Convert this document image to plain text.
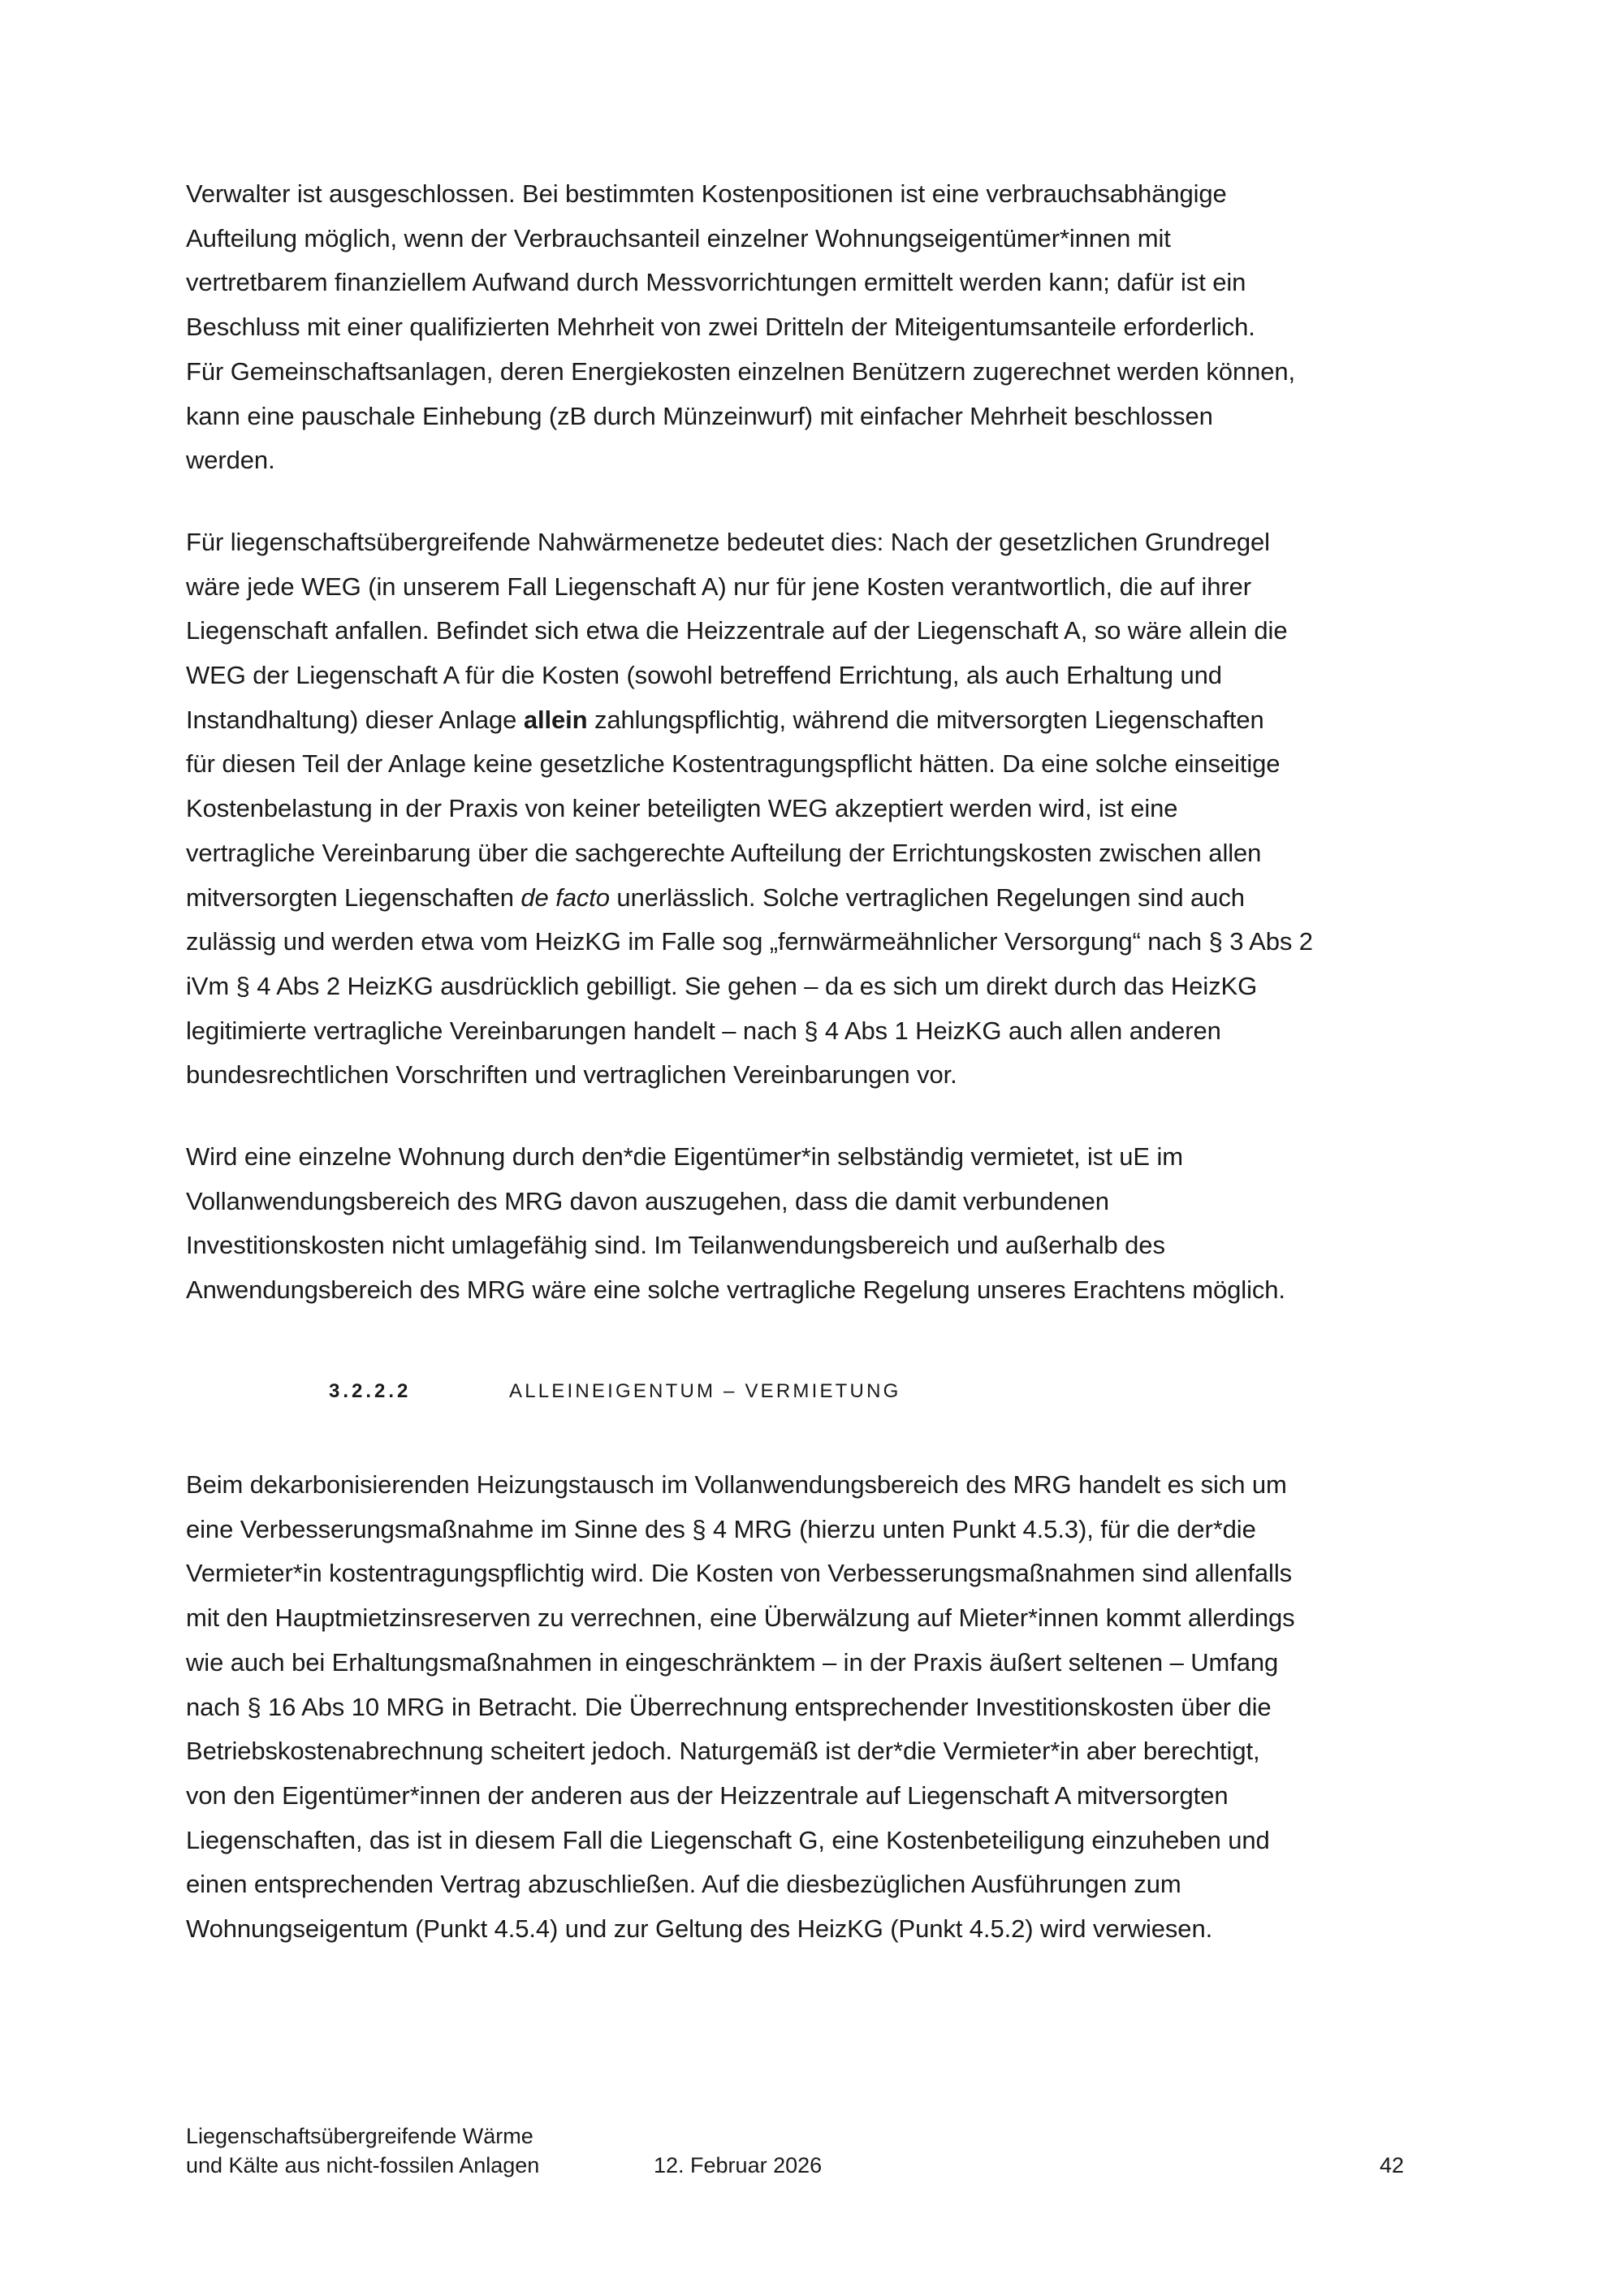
Verwalter ist ausgeschlossen. Bei bestimmten Kostenpositionen ist eine verbrauchsabhängige
Aufteilung möglich, wenn der Verbrauchsanteil einzelner Wohnungseigentümer*innen mit
vertretbarem finanziellem Aufwand durch Messvorrichtungen ermittelt werden kann; dafür ist ein
Beschluss mit einer qualifizierten Mehrheit von zwei Dritteln der Miteigentumsanteile erforderlich.
Für Gemeinschaftsanlagen, deren Energiekosten einzelnen Benützern zugerechnet werden können,
kann eine pauschale Einhebung (zB durch Münzeinwurf) mit einfacher Mehrheit beschlossen
werden.

Für liegenschaftsübergreifende Nahwärmenetze bedeutet dies: Nach der gesetzlichen Grundregel
wäre jede WEG (in unserem Fall Liegenschaft A) nur für jene Kosten verantwortlich, die auf ihrer
Liegenschaft anfallen. Befindet sich etwa die Heizzentrale auf der Liegenschaft A, so wäre allein die
WEG der Liegenschaft A für die Kosten (sowohl betreffend Errichtung, als auch Erhaltung und
Instandhaltung) dieser Anlage allein zahlungspflichtig, während die mitversorgten Liegenschaften
für diesen Teil der Anlage keine gesetzliche Kostentragungspflicht hätten. Da eine solche einseitige
Kostenbelastung in der Praxis von keiner beteiligten WEG akzeptiert werden wird, ist eine
vertragliche Vereinbarung über die sachgerechte Aufteilung der Errichtungskosten zwischen allen
mitversorgten Liegenschaften de facto unerlässlich. Solche vertraglichen Regelungen sind auch
zulässig und werden etwa vom HeizKG im Falle sog „fernwärmeähnlicher Versorgung“ nach § 3 Abs 2
iVm § 4 Abs 2 HeizKG ausdrücklich gebilligt. Sie gehen – da es sich um direkt durch das HeizKG
legitimierte vertragliche Vereinbarungen handelt – nach § 4 Abs 1 HeizKG auch allen anderen
bundesrechtlichen Vorschriften und vertraglichen Vereinbarungen vor.

Wird eine einzelne Wohnung durch den*die Eigentümer*in selbständig vermietet, ist uE im
Vollanwendungsbereich des MRG davon auszugehen, dass die damit verbundenen
Investitionskosten nicht umlagefähig sind. Im Teilanwendungsbereich und außerhalb des
Anwendungsbereich des MRG wäre eine solche vertragliche Regelung unseres Erachtens möglich.

3.2.2.2	ALLEINEIGENTUM – VERMIETUNG

Beim dekarbonisierenden Heizungstausch im Vollanwendungsbereich des MRG handelt es sich um
eine Verbesserungsmaßnahme im Sinne des § 4 MRG (hierzu unten Punkt 4.5.3), für die der*die
Vermieter*in kostentragungspflichtig wird. Die Kosten von Verbesserungsmaßnahmen sind allenfalls
mit den Hauptmietzinsreserven zu verrechnen, eine Überwälzung auf Mieter*innen kommt allerdings
wie auch bei Erhaltungsmaßnahmen in eingeschränktem – in der Praxis äußert seltenen – Umfang
nach § 16 Abs 10 MRG in Betracht. Die Überrechnung entsprechender Investitionskosten über die
Betriebskostenabrechnung scheitert jedoch. Naturgemäß ist der*die Vermieter*in aber berechtigt,
von den Eigentümer*innen der anderen aus der Heizzentrale auf Liegenschaft A mitversorgten
Liegenschaften, das ist in diesem Fall die Liegenschaft G, eine Kostenbeteiligung einzuheben und
einen entsprechenden Vertrag abzuschließen. Auf die diesbezüglichen Ausführungen zum
Wohnungseigentum (Punkt 4.5.4) und zur Geltung des HeizKG (Punkt 4.5.2) wird verwiesen.

Liegenschaftsübergreifende Wärme
und Kälte aus nicht-fossilen Anlagen	12. Februar 2026	42
